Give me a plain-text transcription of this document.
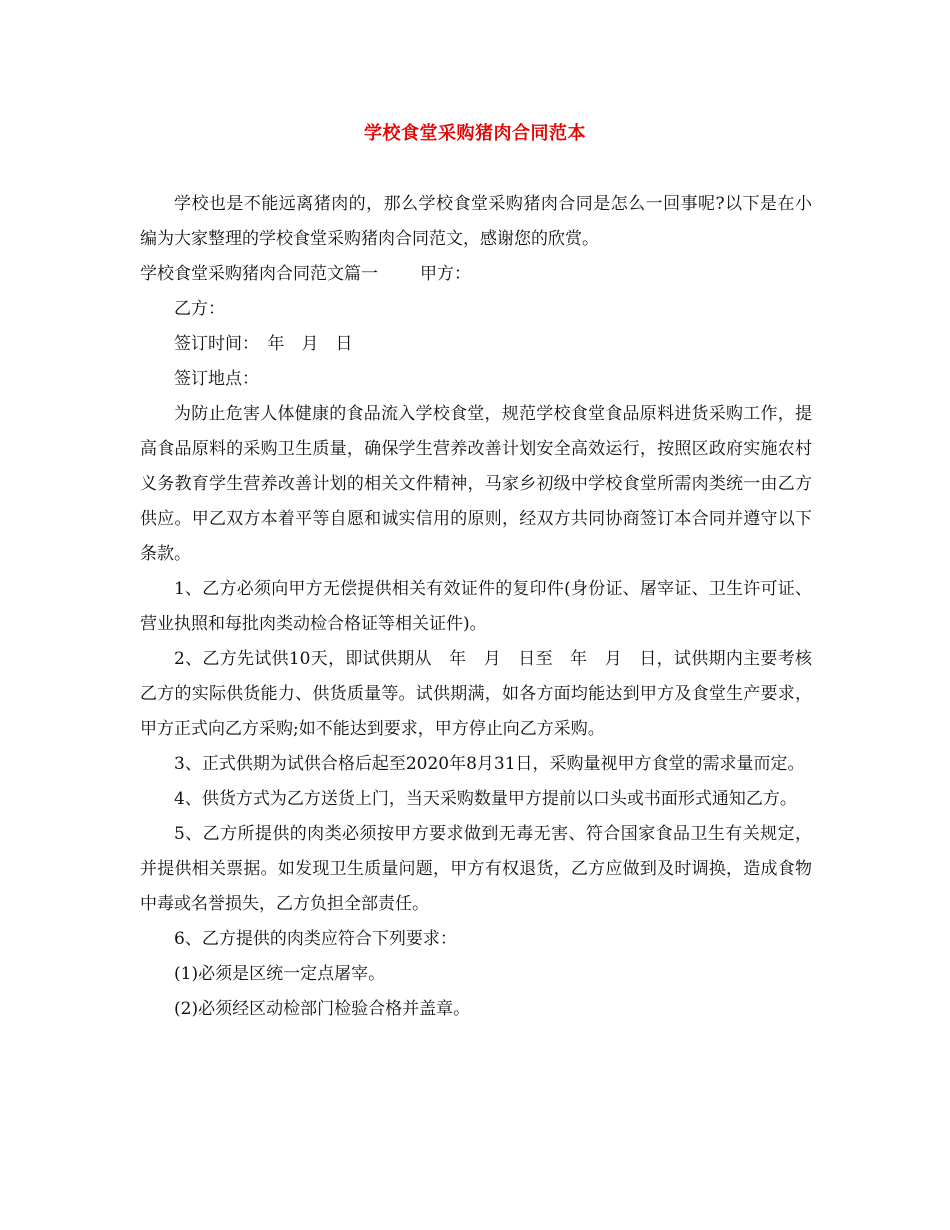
学校食堂采购猪肉合同范本

学校也是不能远离猪肉的，那么学校食堂采购猪肉合同是怎么一回事呢?以下是在小编为大家整理的学校食堂采购猪肉合同范文，感谢您的欣赏。

学校食堂采购猪肉合同范文篇一 甲方：

乙方：

签订时间：　年　月　日

签订地点：

为防止危害人体健康的食品流入学校食堂，规范学校食堂食品原料进货采购工作，提高食品原料的采购卫生质量，确保学生营养改善计划安全高效运行，按照区政府实施农村义务教育学生营养改善计划的相关文件精神，马家乡初级中学校食堂所需肉类统一由乙方供应。甲乙双方本着平等自愿和诚实信用的原则，经双方共同协商签订本合同并遵守以下条款。

1、乙方必须向甲方无偿提供相关有效证件的复印件(身份证、屠宰证、卫生许可证、营业执照和每批肉类动检合格证等相关证件)。

2、乙方先试供10天，即试供期从　年　月　日至　年　月　日，试供期内主要考核乙方的实际供货能力、供货质量等。试供期满，如各方面均能达到甲方及食堂生产要求，甲方正式向乙方采购;如不能达到要求，甲方停止向乙方采购。

3、正式供期为试供合格后起至2020年8月31日，采购量视甲方食堂的需求量而定。

4、供货方式为乙方送货上门，当天采购数量甲方提前以口头或书面形式通知乙方。

5、乙方所提供的肉类必须按甲方要求做到无毒无害、符合国家食品卫生有关规定，并提供相关票据。如发现卫生质量问题，甲方有权退货，乙方应做到及时调换，造成食物中毒或名誉损失，乙方负担全部责任。

6、乙方提供的肉类应符合下列要求：

(1)必须是区统一定点屠宰。

(2)必须经区动检部门检验合格并盖章。
